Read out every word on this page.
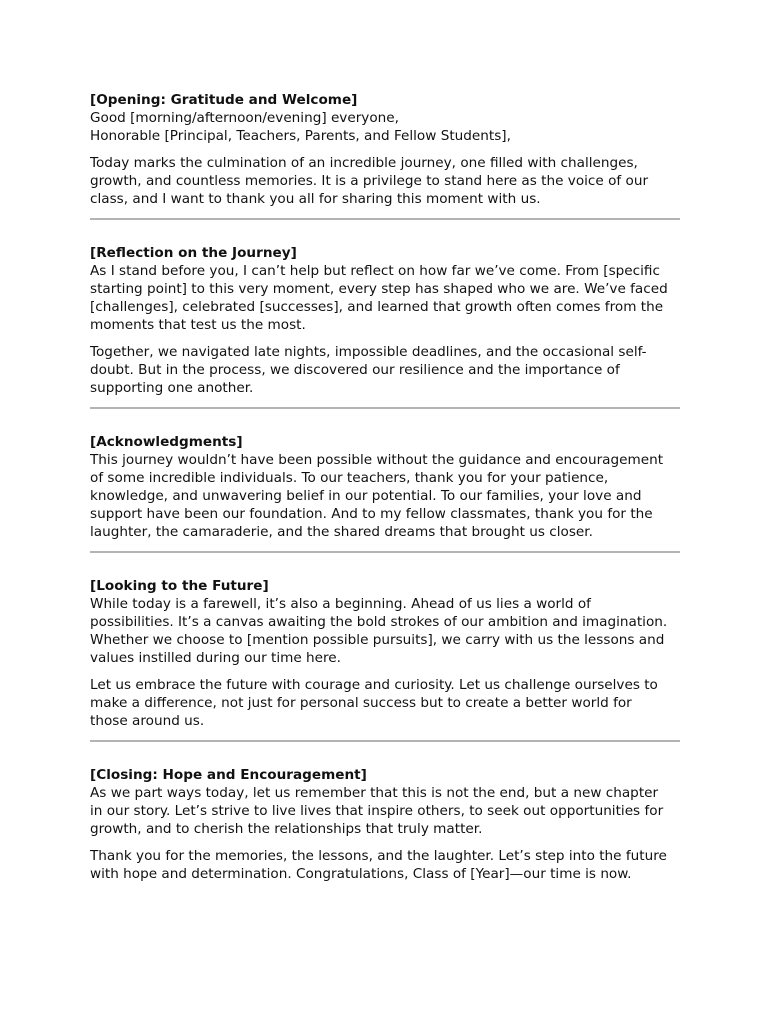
[Opening: Gratitude and Welcome]
Good [morning/afternoon/evening] everyone,
Honorable [Principal, Teachers, Parents, and Fellow Students],
Today marks the culmination of an incredible journey, one filled with challenges,
growth, and countless memories. It is a privilege to stand here as the voice of our
class, and I want to thank you all for sharing this moment with us.
[Reflection on the Journey]
As I stand before you, I can’t help but reflect on how far we’ve come. From [specific
starting point] to this very moment, every step has shaped who we are. We’ve faced
[challenges], celebrated [successes], and learned that growth often comes from the
moments that test us the most.
Together, we navigated late nights, impossible deadlines, and the occasional self-
doubt. But in the process, we discovered our resilience and the importance of
supporting one another.
[Acknowledgments]
This journey wouldn’t have been possible without the guidance and encouragement
of some incredible individuals. To our teachers, thank you for your patience,
knowledge, and unwavering belief in our potential. To our families, your love and
support have been our foundation. And to my fellow classmates, thank you for the
laughter, the camaraderie, and the shared dreams that brought us closer.
[Looking to the Future]
While today is a farewell, it’s also a beginning. Ahead of us lies a world of
possibilities. It’s a canvas awaiting the bold strokes of our ambition and imagination.
Whether we choose to [mention possible pursuits], we carry with us the lessons and
values instilled during our time here.
Let us embrace the future with courage and curiosity. Let us challenge ourselves to
make a difference, not just for personal success but to create a better world for
those around us.
[Closing: Hope and Encouragement]
As we part ways today, let us remember that this is not the end, but a new chapter
in our story. Let’s strive to live lives that inspire others, to seek out opportunities for
growth, and to cherish the relationships that truly matter.
Thank you for the memories, the lessons, and the laughter. Let’s step into the future
with hope and determination. Congratulations, Class of [Year]—our time is now.
